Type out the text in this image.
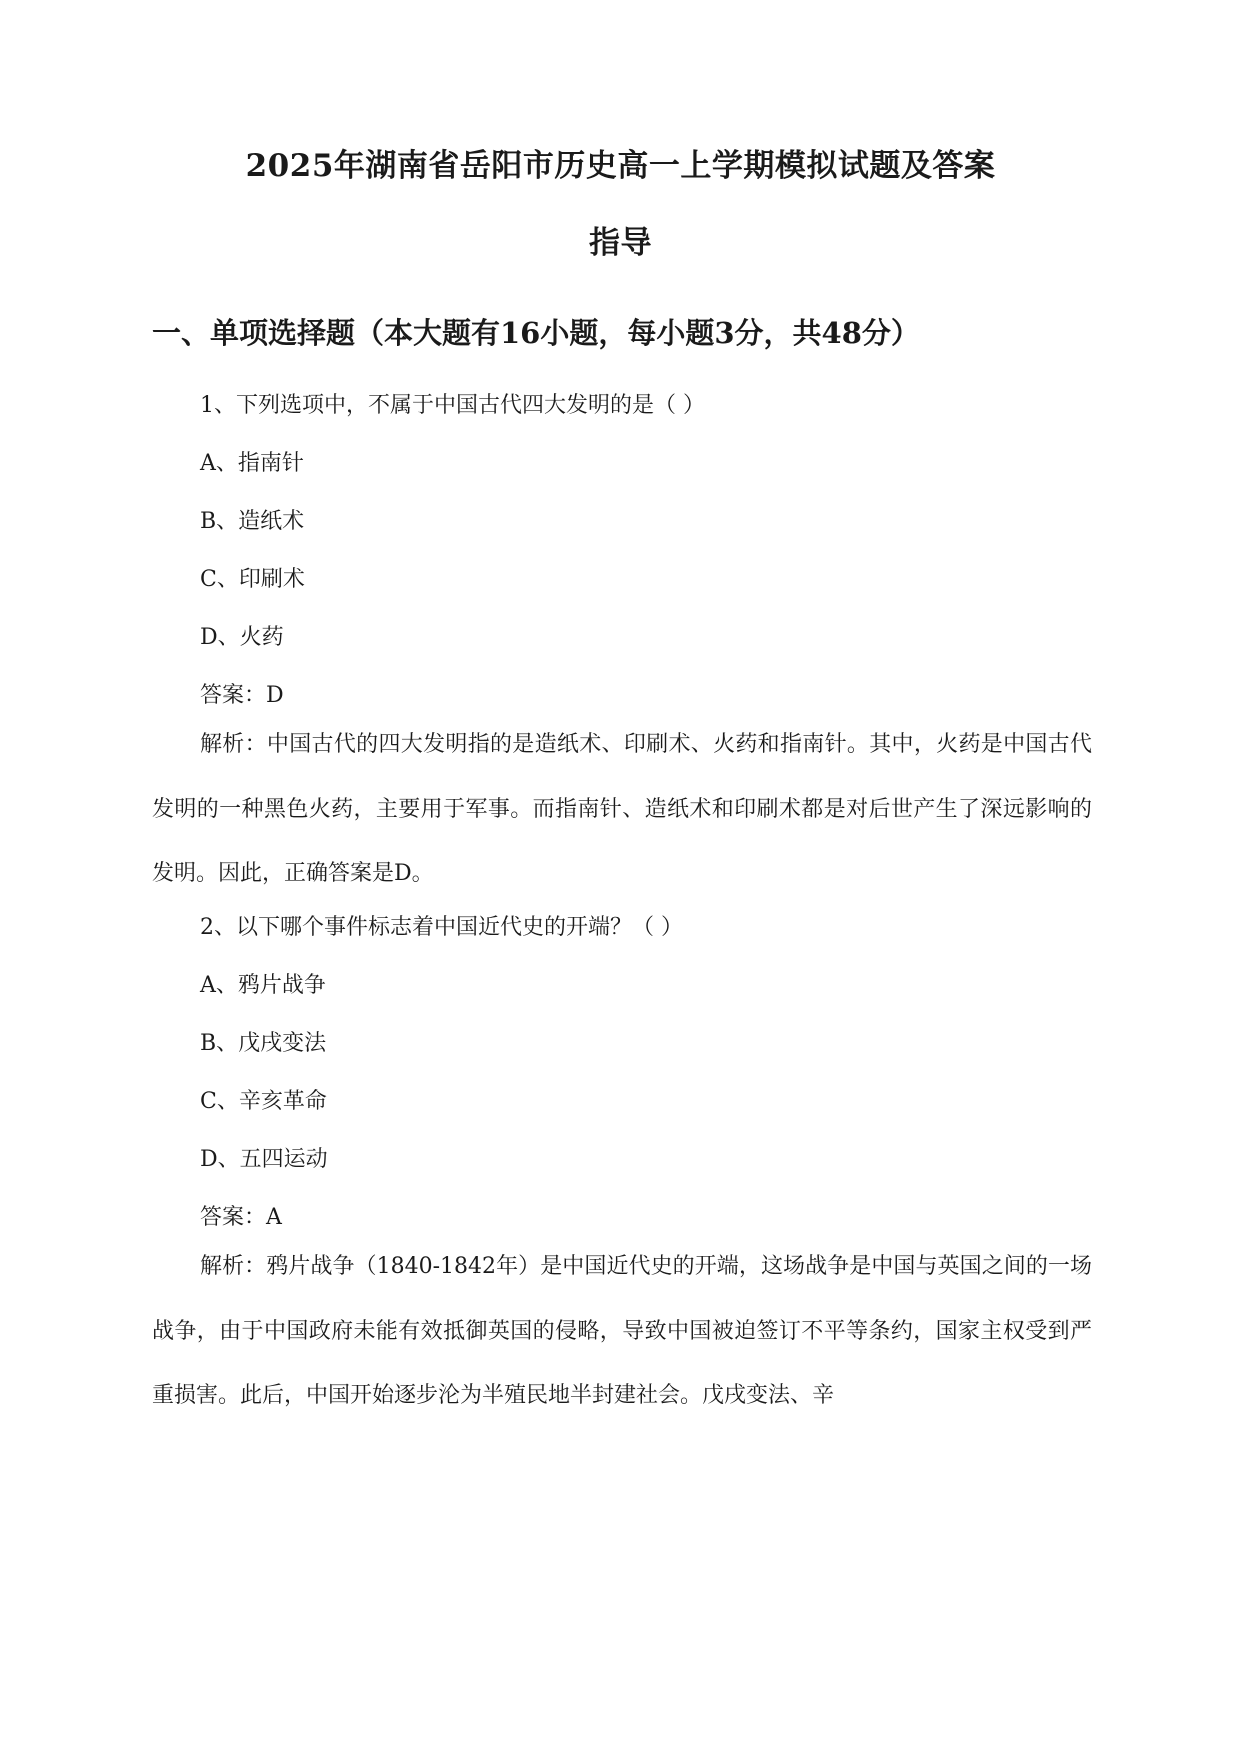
2025年湖南省岳阳市历史高一上学期模拟试题及答案
指导
一、单项选择题（本大题有16小题，每小题3分，共48分）
1、下列选项中，不属于中国古代四大发明的是（ ）
A、指南针
B、造纸术
C、印刷术
D、火药
答案：D
解析：中国古代的四大发明指的是造纸术、印刷术、火药和指南针。其中，火药是中国古代发明的一种黑色火药，主要用于军事。而指南针、造纸术和印刷术都是对后世产生了深远影响的发明。因此，正确答案是D。
2、以下哪个事件标志着中国近代史的开端？（ ）
A、鸦片战争
B、戊戌变法
C、辛亥革命
D、五四运动
答案：A
解析：鸦片战争（1840-1842年）是中国近代史的开端，这场战争是中国与英国之间的一场战争，由于中国政府未能有效抵御英国的侵略，导致中国被迫签订不平等条约，国家主权受到严重损害。此后，中国开始逐步沦为半殖民地半封建社会。戊戌变法、辛
